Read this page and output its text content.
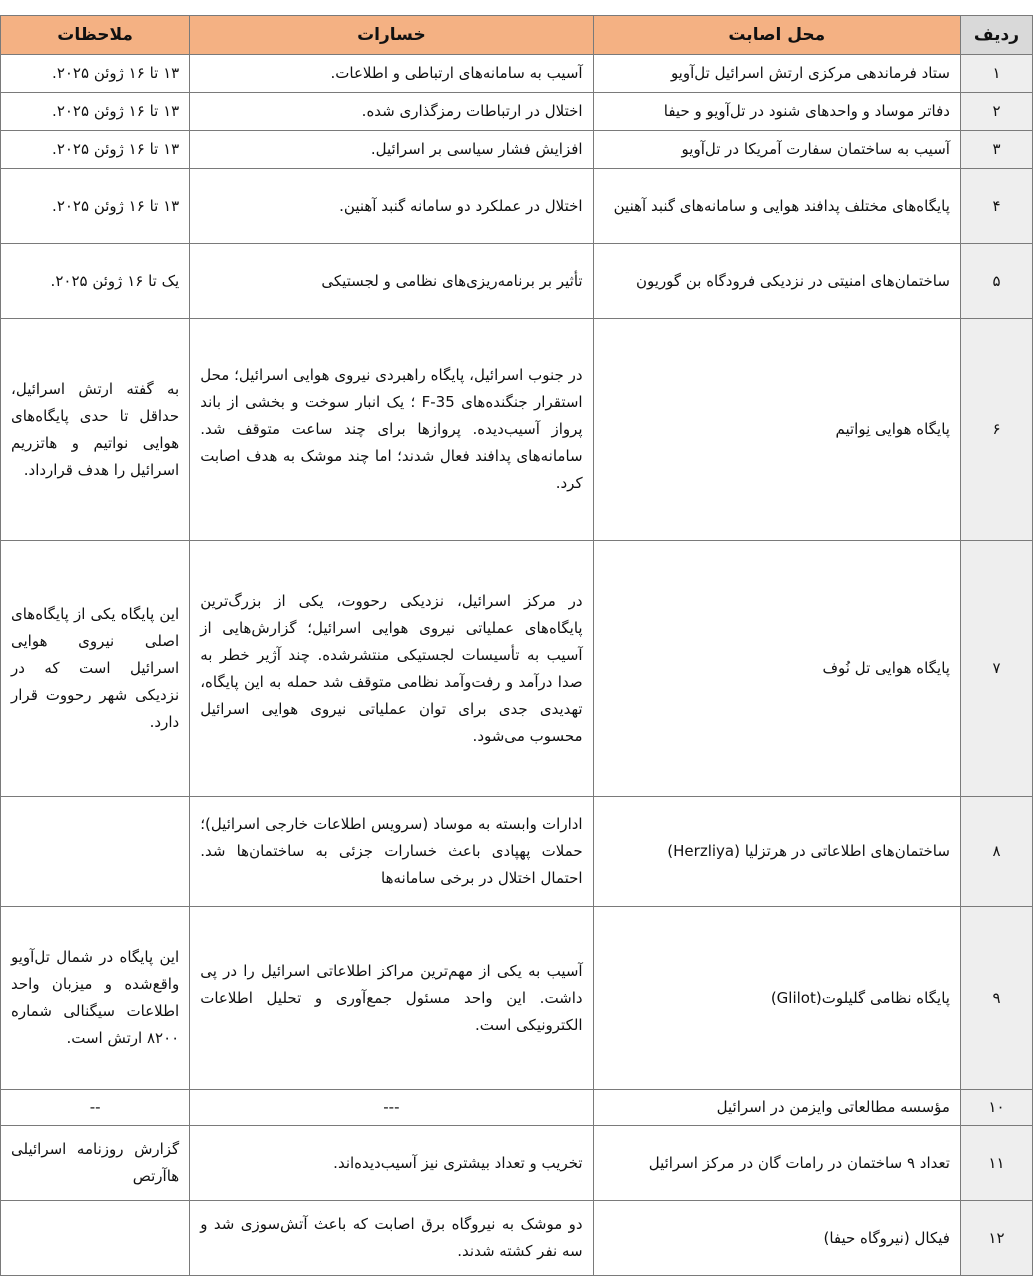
ردیف	محل اصابت	خسارات	ملاحظات
۱	ستاد فرماندهی مرکزی ارتش اسرائیل تل‌آویو	آسیب به سامانه‌های ارتباطی و اطلاعات.	۱۳ تا ۱۶ ژوئن ۲۰۲۵.
۲	دفاتر موساد و واحدهای شنود در تل‌آویو و حیفا	اختلال در ارتباطات رمزگذاری شده.	۱۳ تا ۱۶ ژوئن ۲۰۲۵.
۳	آسیب به ساختمان سفارت آمریکا در تل‌آویو	افزایش فشار سیاسی بر اسرائیل.	۱۳ تا ۱۶ ژوئن ۲۰۲۵.
۴	پایگاه‌های مختلف پدافند هوایی و سامانه‌های گنبد آهنین	اختلال در عملکرد دو سامانه گنبد آهنین.	۱۳ تا ۱۶ ژوئن ۲۰۲۵.
۵	ساختمان‌های امنیتی در نزدیکی فرودگاه بن گوریون	تأثیر بر برنامه‌ریزی‌های نظامی و لجستیکی	یک تا ۱۶ ژوئن ۲۰۲۵.
۶	پایگاه هوایی نِواتیم	در جنوب اسرائیل، پایگاه راهبردی نیروی هوایی اسرائیل؛ محل استقرار جنگنده‌های F-35 ؛ یک انبار سوخت و بخشی از باند پرواز آسیب‌دیده. پروازها برای چند ساعت متوقف شد. سامانه‌های پدافند فعال شدند؛ اما چند موشک به هدف اصابت کرد.	به گفته ارتش اسرائیل، حداقل تا حدی پایگاه‌های هوایی نواتیم و هاتزریم اسرائیل را هدف قرارداد.
۷	پایگاه هوایی تل نُوف	در مرکز اسرائیل، نزدیکی رحووت، یکی از بزرگ‌ترین پایگاه‌های عملیاتی نیروی هوایی اسرائیل؛ گزارش‌هایی از آسیب به تأسیسات لجستیکی منتشرشده. چند آژیر خطر به صدا درآمد و رفت‌وآمد نظامی متوقف شد حمله به این پایگاه، تهدیدی جدی برای توان عملیاتی نیروی هوایی اسرائیل محسوب می‌شود.	این پایگاه یکی از پایگاه‌های اصلی نیروی هوایی اسرائیل است که در نزدیکی شهر رحووت قرار دارد.
۸	ساختمان‌های اطلاعاتی در هرتزلیا (Herzliya)	ادارات وابسته به موساد (سرویس اطلاعات خارجی اسرائیل)؛ حملات پهپادی باعث خسارات جزئی به ساختمان‌ها شد. احتمال اختلال در برخی سامانه‌ها	
۹	پایگاه نظامی گلیلوت(Glilot)	آسیب به یکی از مهم‌ترین مراکز اطلاعاتی اسرائیل را در پی داشت. این واحد مسئول جمع‌آوری و تحلیل اطلاعات الکترونیکی است.	این پایگاه در شمال تل‌آویو واقع‌شده و میزبان واحد اطلاعات سیگنالی شماره ۸۲۰۰ ارتش است.
۱۰	مؤسسه مطالعاتی وایزمن در اسرائیل	---	--
۱۱	تعداد ۹ ساختمان در رامات گان در مرکز اسرائیل	تخریب و تعداد بیشتری نیز آسیب‌دیده‌اند.	گزارش روزنامه اسرائیلی هاآرتص
۱۲	فیکال (نیروگاه حیفا)	دو موشک به نیروگاه برق اصابت که باعث آتش‌سوزی شد و سه نفر کشته شدند.	
